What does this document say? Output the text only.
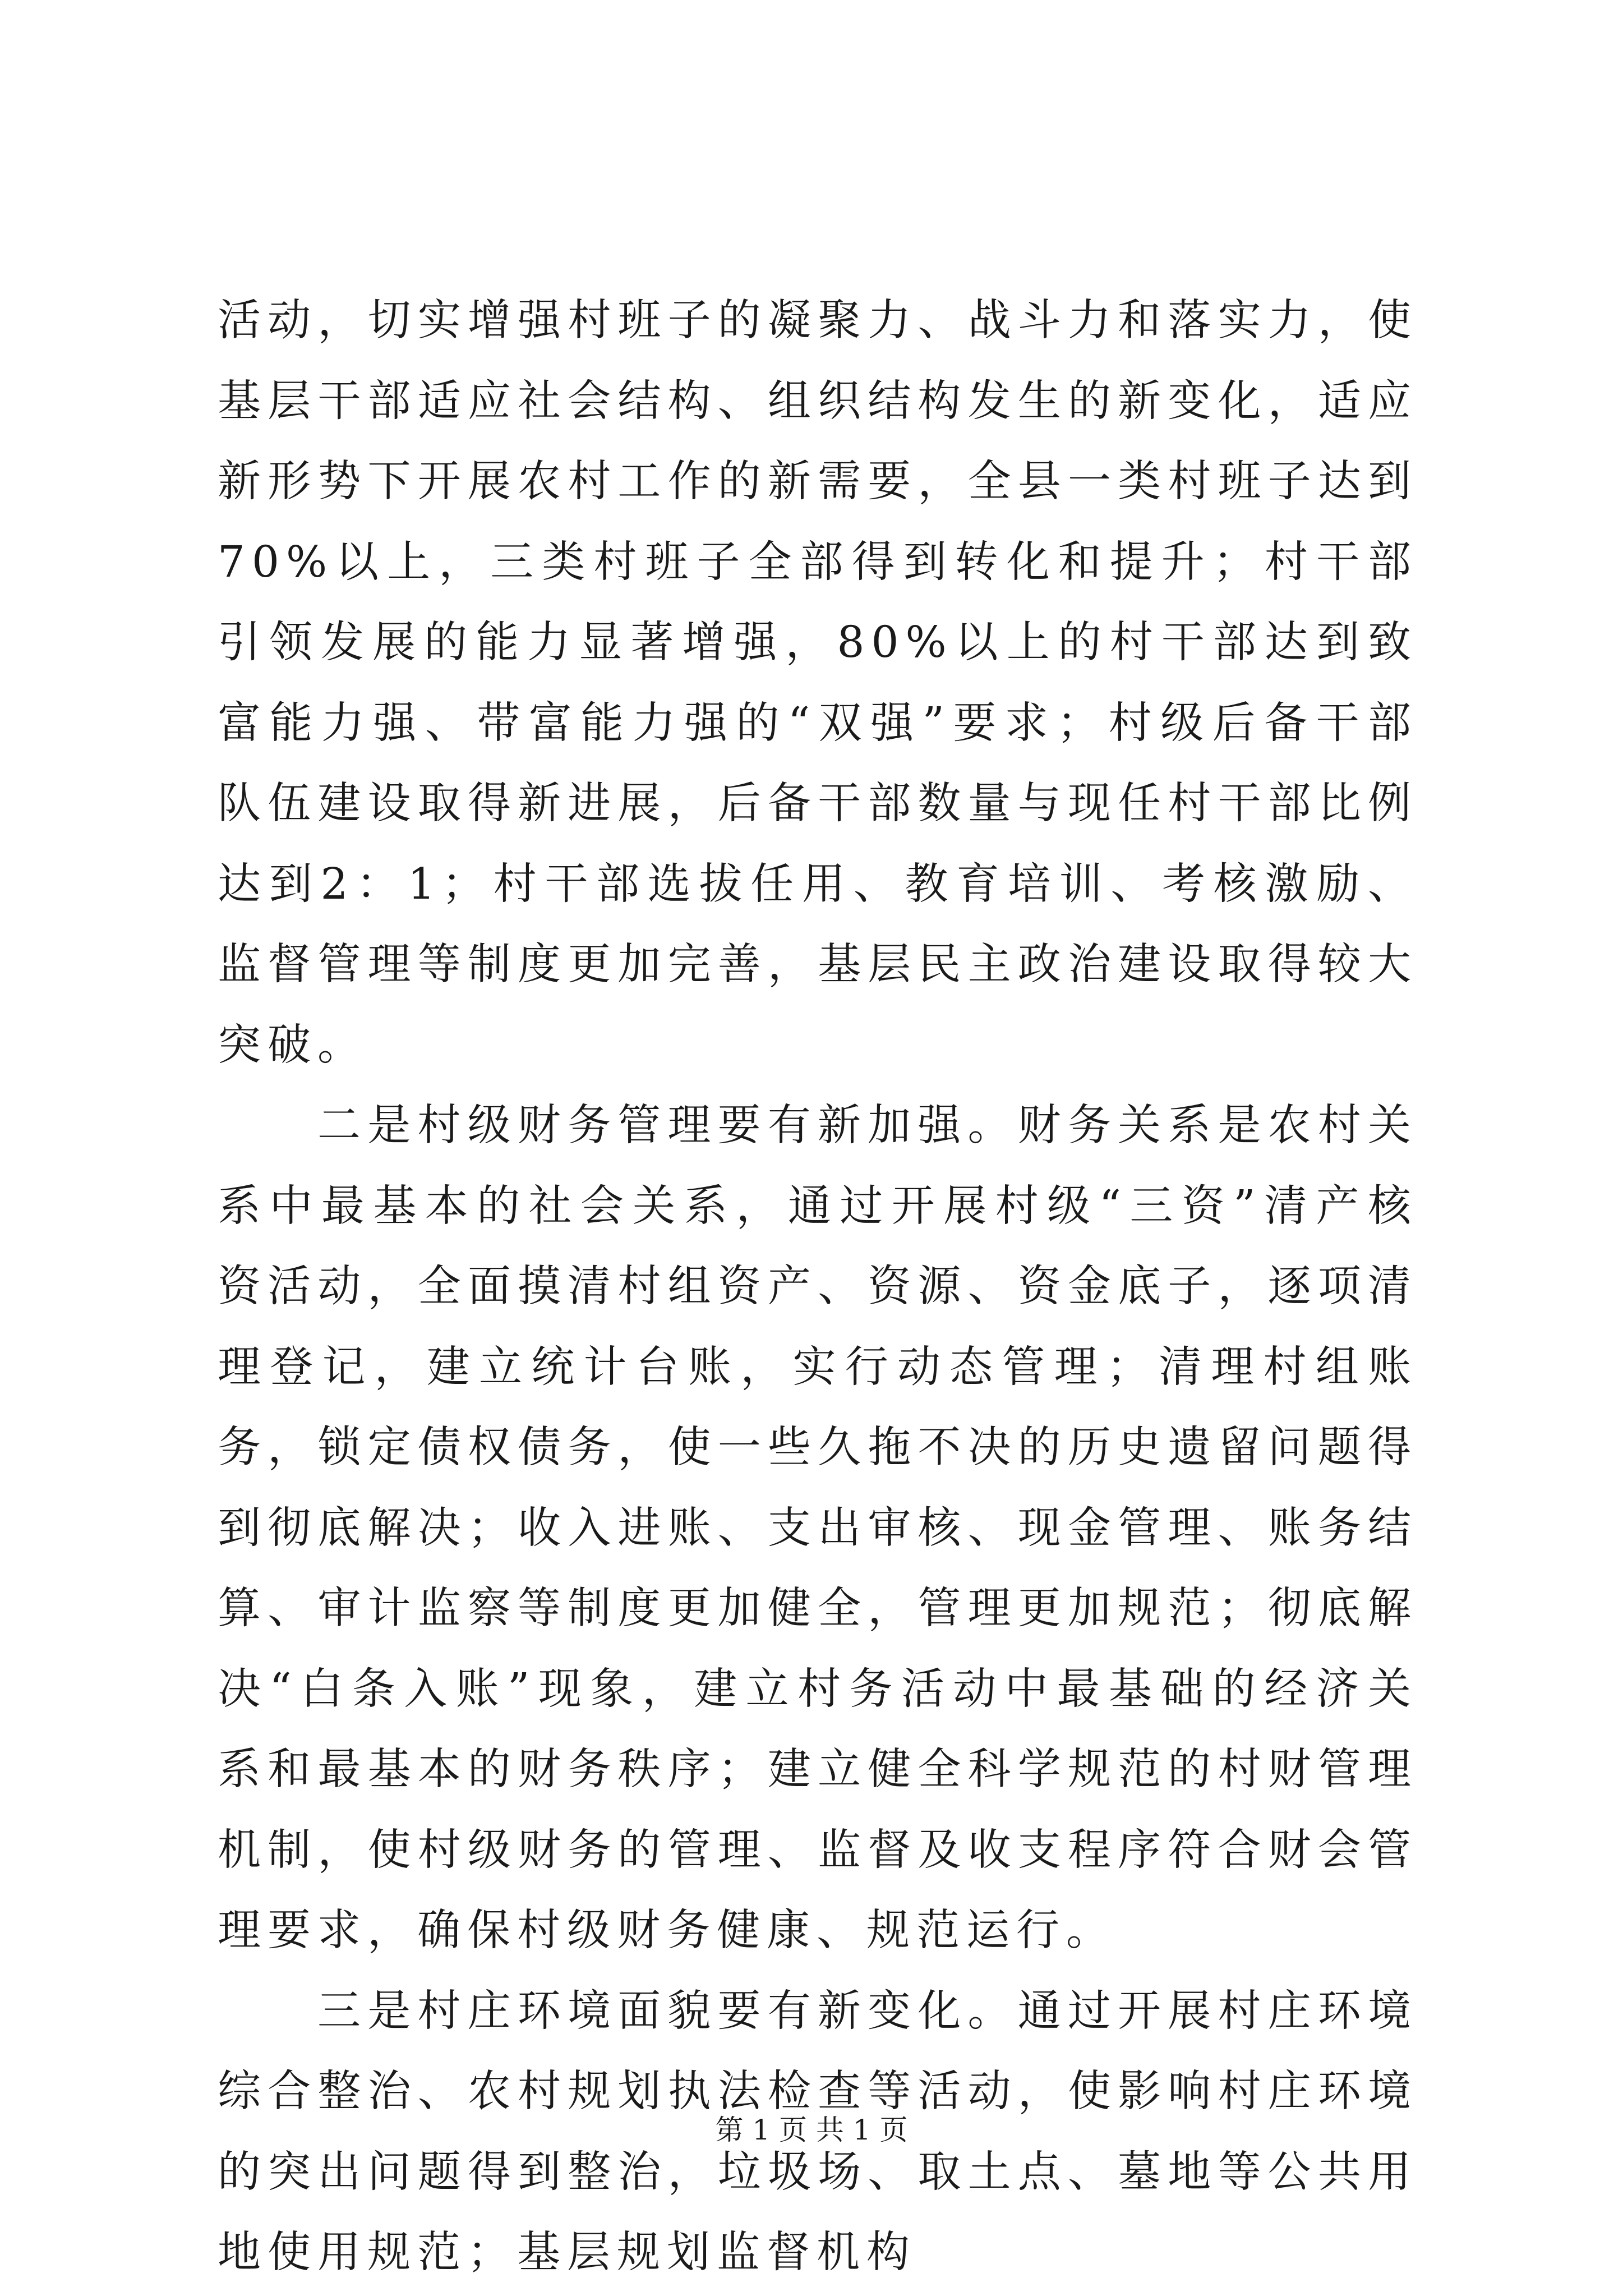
活动，切实增强村班子的凝聚力、战斗力和落实力，使基层干部适应社会结构、组织结构发生的新变化，适应新形势下开展农村工作的新需要，全县一类村班子达到70%以上，三类村班子全部得到转化和提升；村干部引领发展的能力显著增强，80%以上的村干部达到致富能力强、带富能力强的“双强”要求；村级后备干部队伍建设取得新进展，后备干部数量与现任村干部比例达到2：1；村干部选拔任用、教育培训、考核激励、监督管理等制度更加完善，基层民主政治建设取得较大突破。

二是村级财务管理要有新加强。财务关系是农村关系中最基本的社会关系，通过开展村级“三资”清产核资活动，全面摸清村组资产、资源、资金底子，逐项清理登记，建立统计台账，实行动态管理；清理村组账务，锁定债权债务，使一些久拖不决的历史遗留问题得到彻底解决；收入进账、支出审核、现金管理、账务结算、审计监察等制度更加健全，管理更加规范；彻底解决“白条入账”现象，建立村务活动中最基础的经济关系和最基本的财务秩序；建立健全科学规范的村财管理机制，使村级财务的管理、监督及收支程序符合财会管理要求，确保村级财务健康、规范运行。

三是村庄环境面貌要有新变化。通过开展村庄环境综合整治、农村规划执法检查等活动，使影响村庄环境的突出问题得到整治，垃圾场、取土点、墓地等公共用地使用规范；基层规划监督机构

第 1 页 共 1 页
